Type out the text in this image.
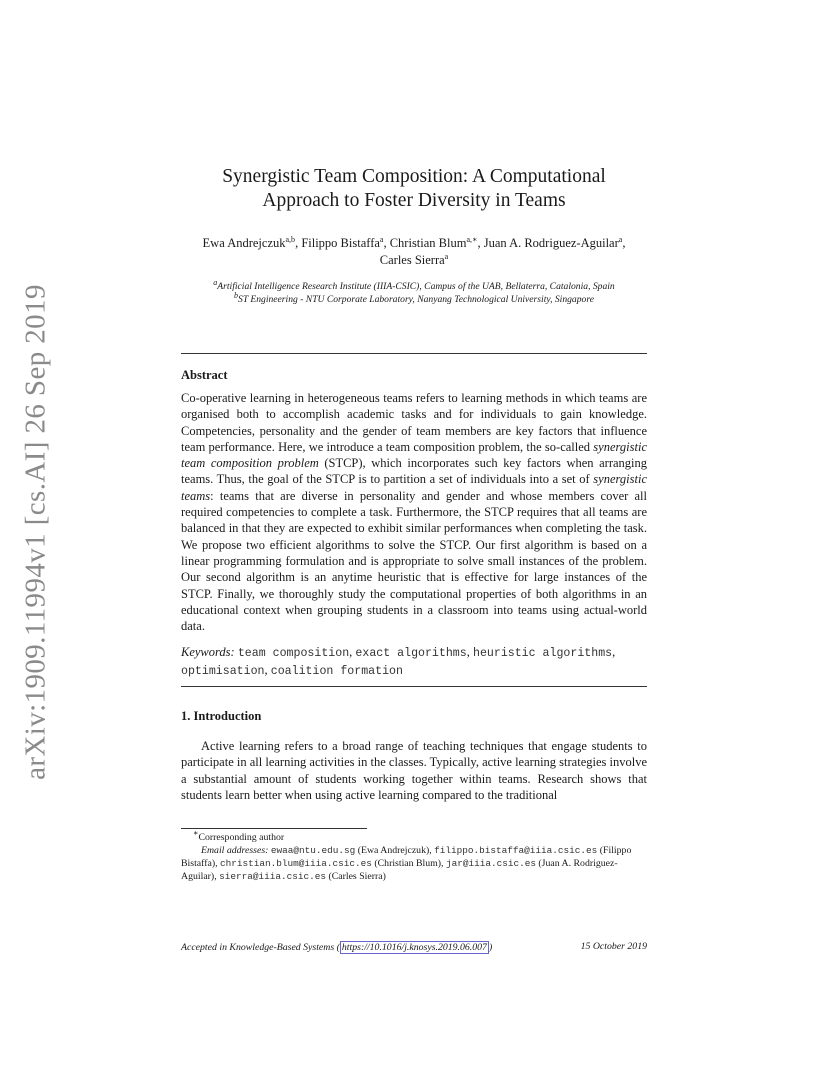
arXiv:1909.11994v1 [cs.AI] 26 Sep 2019
Synergistic Team Composition: A Computational
Approach to Foster Diversity in Teams
Ewa Andrejczuk$^{a,b}$, Filippo Bistaffa$^a$, Christian Blum$^{a,∗}$, Juan A. Rodriguez-Aguilar$^a$,
Carles Sierra$^a$
$^a$Artificial Intelligence Research Institute (IIIA-CSIC), Campus of the UAB, Bellaterra, Catalonia, Spain
$^b$ST Engineering - NTU Corporate Laboratory, Nanyang Technological University, Singapore
Abstract

Co-operative learning in heterogeneous teams refers to learning methods in which teams are organised both to accomplish academic tasks and for individuals to gain knowledge. Competencies, personality and the gender of team members are key factors that influence team performance. Here, we introduce a team composition problem, the so-called synergistic team composition problem (STCP), which incorporates such key factors when arranging teams. Thus, the goal of the STCP is to partition a set of individuals into a set of synergistic teams: teams that are diverse in personality and gender and whose members cover all required competencies to complete a task. Furthermore, the STCP requires that all teams are balanced in that they are expected to exhibit similar performances when completing the task. We propose two efficient algorithms to solve the STCP. Our first algorithm is based on a linear programming formulation and is appropriate to solve small instances of the problem. Our second algorithm is an anytime heuristic that is effective for large instances of the STCP. Finally, we thoroughly study the computational properties of both algorithms in an educational context when grouping students in a classroom into teams using actual-world data.

Keywords: team composition, exact algorithms, heuristic algorithms, optimisation, coalition formation

1. Introduction

Active learning refers to a broad range of teaching techniques that engage students to participate in all learning activities in the classes. Typically, active learning strategies involve a substantial amount of students working together within teams. Research shows that students learn better when using active learning compared to the traditional

∗Corresponding author
Email addresses: ewaa@ntu.edu.sg (Ewa Andrejczuk), filippo.bistaffa@iiia.csic.es (Filippo Bistaffa), christian.blum@iiia.csic.es (Christian Blum), jar@iiia.csic.es (Juan A. Rodriguez-Aguilar), sierra@iiia.csic.es (Carles Sierra)
Accepted in Knowledge-Based Systems ( https://10.1016/j.knosys.2019.06.007 )	15 October 2019
